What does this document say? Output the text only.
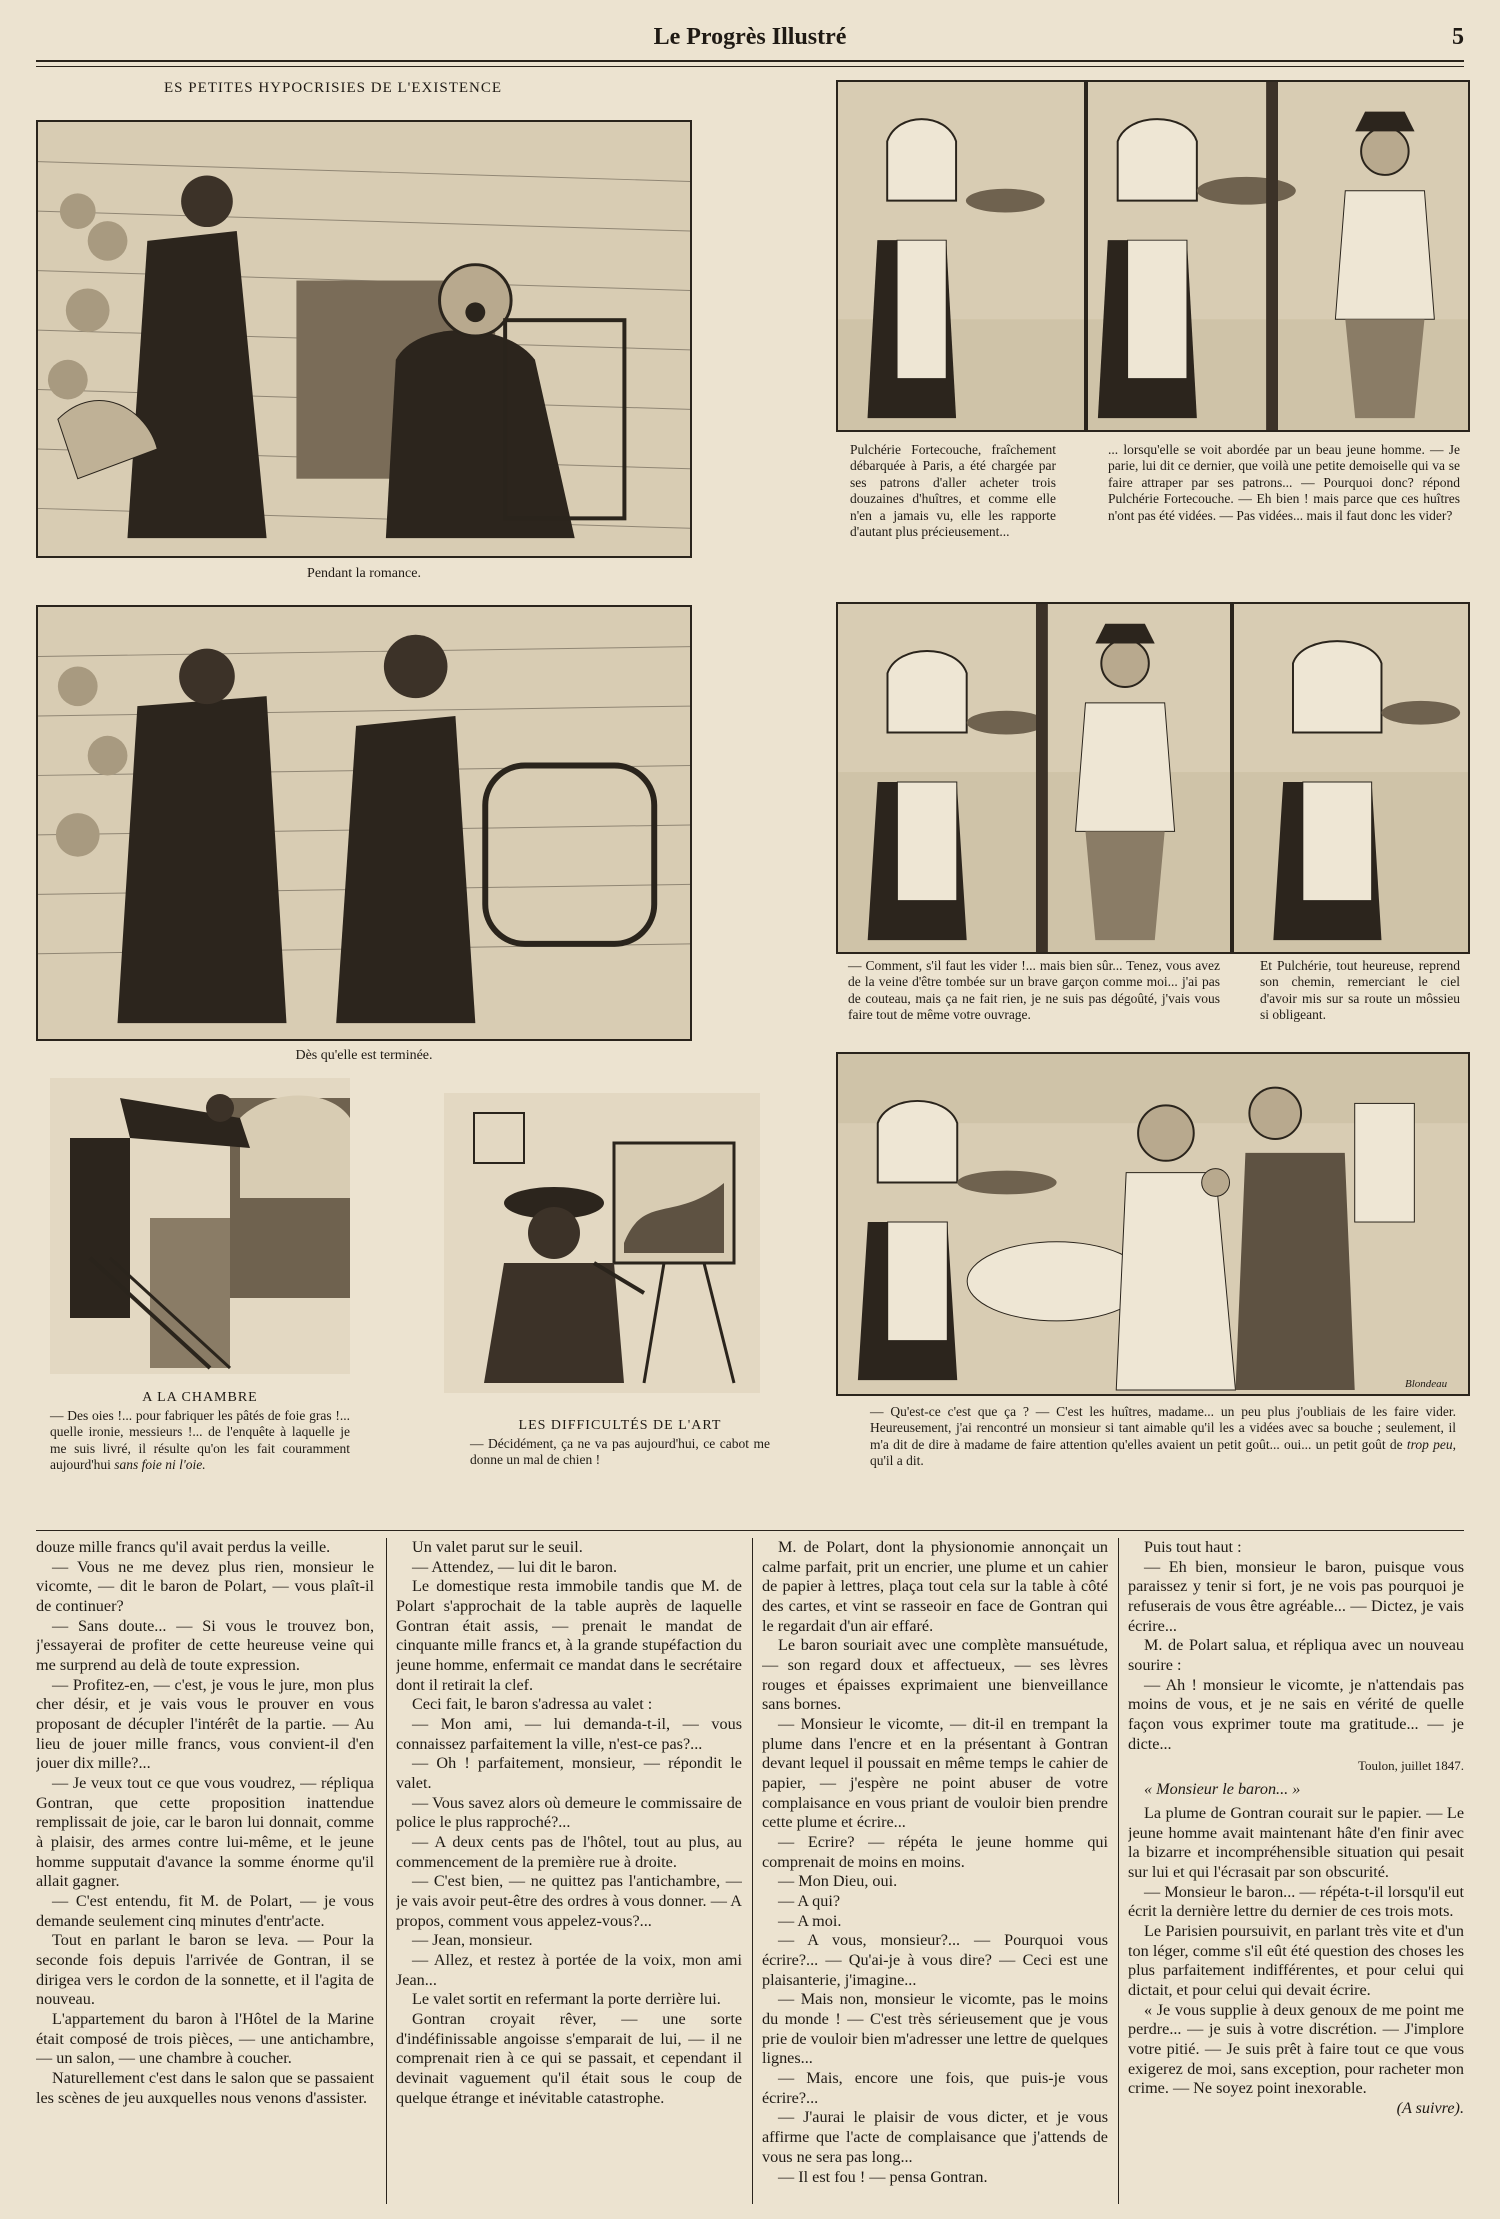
Le Progrès Illustré	5
ES PETITES HYPOCRISIES DE L'EXISTENCE
Pendant la romance.
Dès qu'elle est terminée.
A LA CHAMBRE
— Des oies !... pour fabriquer les pâtés de foie gras !... quelle ironie, messieurs !... de l'enquête à laquelle je me suis livré, il résulte qu'on les fait couramment aujourd'hui sans foie ni l'oie.
LES DIFFICULTÉS DE L'ART
— Décidément, ça ne va pas aujourd'hui, ce cabot me donne un mal de chien !
Pulchérie Fortecouche, fraîchement débarquée à Paris, a été chargée par ses patrons d'aller acheter trois douzaines d'huîtres, et comme elle n'en a jamais vu, elle les rapporte d'autant plus précieusement...
... lorsqu'elle se voit abordée par un beau jeune homme. — Je parie, lui dit ce dernier, que voilà une petite demoiselle qui va se faire attraper par ses patrons... — Pourquoi donc? répond Pulchérie Fortecouche. — Eh bien ! mais parce que ces huîtres n'ont pas été vidées. — Pas vidées... mais il faut donc les vider?
— Comment, s'il faut les vider !... mais bien sûr... Tenez, vous avez de la veine d'être tombée sur un brave garçon comme moi... j'ai pas de couteau, mais ça ne fait rien, je ne suis pas dégoûté, j'vais vous faire tout de même votre ouvrage.
Et Pulchérie, tout heureuse, reprend son chemin, remerciant le ciel d'avoir mis sur sa route un môssieu si obligeant.
Blondeau
— Qu'est-ce c'est que ça ? — C'est les huîtres, madame... un peu plus j'oubliais de les faire vider. Heureusement, j'ai rencontré un monsieur si tant aimable qu'il les a vidées avec sa bouche ; seulement, il m'a dit de dire à madame de faire attention qu'elles avaient un petit goût... oui... un petit goût de trop peu, qu'il a dit.

douze mille francs qu'il avait perdus la veille.

— Vous ne me devez plus rien, monsieur le vicomte, — dit le baron de Polart, — vous plaît-il de continuer?

— Sans doute... — Si vous le trouvez bon, j'essayerai de profiter de cette heureuse veine qui me surprend au delà de toute expression.

— Profitez-en, — c'est, je vous le jure, mon plus cher désir, et je vais vous le prouver en vous proposant de décupler l'intérêt de la partie. — Au lieu de jouer mille francs, vous convient-il d'en jouer dix mille?...

— Je veux tout ce que vous voudrez, — répliqua Gontran, que cette proposition inattendue remplissait de joie, car le baron lui donnait, comme à plaisir, des armes contre lui-même, et le jeune homme supputait d'avance la somme énorme qu'il allait gagner.

— C'est entendu, fit M. de Polart, — je vous demande seulement cinq minutes d'entr'acte.

Tout en parlant le baron se leva. — Pour la seconde fois depuis l'arrivée de Gontran, il se dirigea vers le cordon de la sonnette, et il l'agita de nouveau.

L'appartement du baron à l'Hôtel de la Marine était composé de trois pièces, — une antichambre, — un salon, — une chambre à coucher.

Naturellement c'est dans le salon que se passaient les scènes de jeu auxquelles nous venons d'assister.

Un valet parut sur le seuil.

— Attendez, — lui dit le baron.

Le domestique resta immobile tandis que M. de Polart s'approchait de la table auprès de laquelle Gontran était assis, — prenait le mandat de cinquante mille francs et, à la grande stupéfaction du jeune homme, enfermait ce mandat dans le secrétaire dont il retirait la clef.

Ceci fait, le baron s'adressa au valet :

— Mon ami, — lui demanda-t-il, — vous connaissez parfaitement la ville, n'est-ce pas?...

— Oh ! parfaitement, monsieur, — répondit le valet.

— Vous savez alors où demeure le commissaire de police le plus rapproché?...

— A deux cents pas de l'hôtel, tout au plus, au commencement de la première rue à droite.

— C'est bien, — ne quittez pas l'antichambre, — je vais avoir peut-être des ordres à vous donner. — A propos, comment vous appelez-vous?...

— Jean, monsieur.

— Allez, et restez à portée de la voix, mon ami Jean...

Le valet sortit en refermant la porte derrière lui.

Gontran croyait rêver, — une sorte d'indéfinissable angoisse s'emparait de lui, — il ne comprenait rien à ce qui se passait, et cependant il devinait vaguement qu'il était sous le coup de quelque étrange et inévitable catastrophe.

M. de Polart, dont la physionomie annonçait un calme parfait, prit un encrier, une plume et un cahier de papier à lettres, plaça tout cela sur la table à côté des cartes, et vint se rasseoir en face de Gontran qui le regardait d'un air effaré.

Le baron souriait avec une complète mansuétude, — son regard doux et affectueux, — ses lèvres rouges et épaisses exprimaient une bienveillance sans bornes.

— Monsieur le vicomte, — dit-il en trempant la plume dans l'encre et en la présentant à Gontran devant lequel il poussait en même temps le cahier de papier, — j'espère ne point abuser de votre complaisance en vous priant de vouloir bien prendre cette plume et écrire...

— Ecrire? — répéta le jeune homme qui comprenait de moins en moins.

— Mon Dieu, oui.

— A qui?

— A moi.

— A vous, monsieur?... — Pourquoi vous écrire?... — Qu'ai-je à vous dire? — Ceci est une plaisanterie, j'imagine...

— Mais non, monsieur le vicomte, pas le moins du monde ! — C'est très sérieusement que je vous prie de vouloir bien m'adresser une lettre de quelques lignes...

— Mais, encore une fois, que puis-je vous écrire?...

— J'aurai le plaisir de vous dicter, et je vous affirme que l'acte de complaisance que j'attends de vous ne sera pas long...

— Il est fou ! — pensa Gontran.

Puis tout haut :

— Eh bien, monsieur le baron, puisque vous paraissez y tenir si fort, je ne vois pas pourquoi je refuserais de vous être agréable... — Dictez, je vais écrire...

M. de Polart salua, et répliqua avec un nouveau sourire :

— Ah ! monsieur le vicomte, je n'attendais pas moins de vous, et je ne sais en vérité de quelle façon vous exprimer toute ma gratitude... — je dicte...

Toulon, juillet 1847.

« Monsieur le baron... »

La plume de Gontran courait sur le papier. — Le jeune homme avait maintenant hâte d'en finir avec la bizarre et incompréhensible situation qui pesait sur lui et qui l'écrasait par son obscurité.

— Monsieur le baron... — répéta-t-il lorsqu'il eut écrit la dernière lettre du dernier de ces trois mots.

Le Parisien poursuivit, en parlant très vite et d'un ton léger, comme s'il eût été question des choses les plus parfaitement indifférentes, et pour celui qui dictait, et pour celui qui devait écrire.

« Je vous supplie à deux genoux de me point me perdre... — je suis à votre discrétion. — J'implore votre pitié. — Je suis prêt à faire tout ce que vous exigerez de moi, sans exception, pour racheter mon crime. — Ne soyez point inexorable.

(A suivre).
